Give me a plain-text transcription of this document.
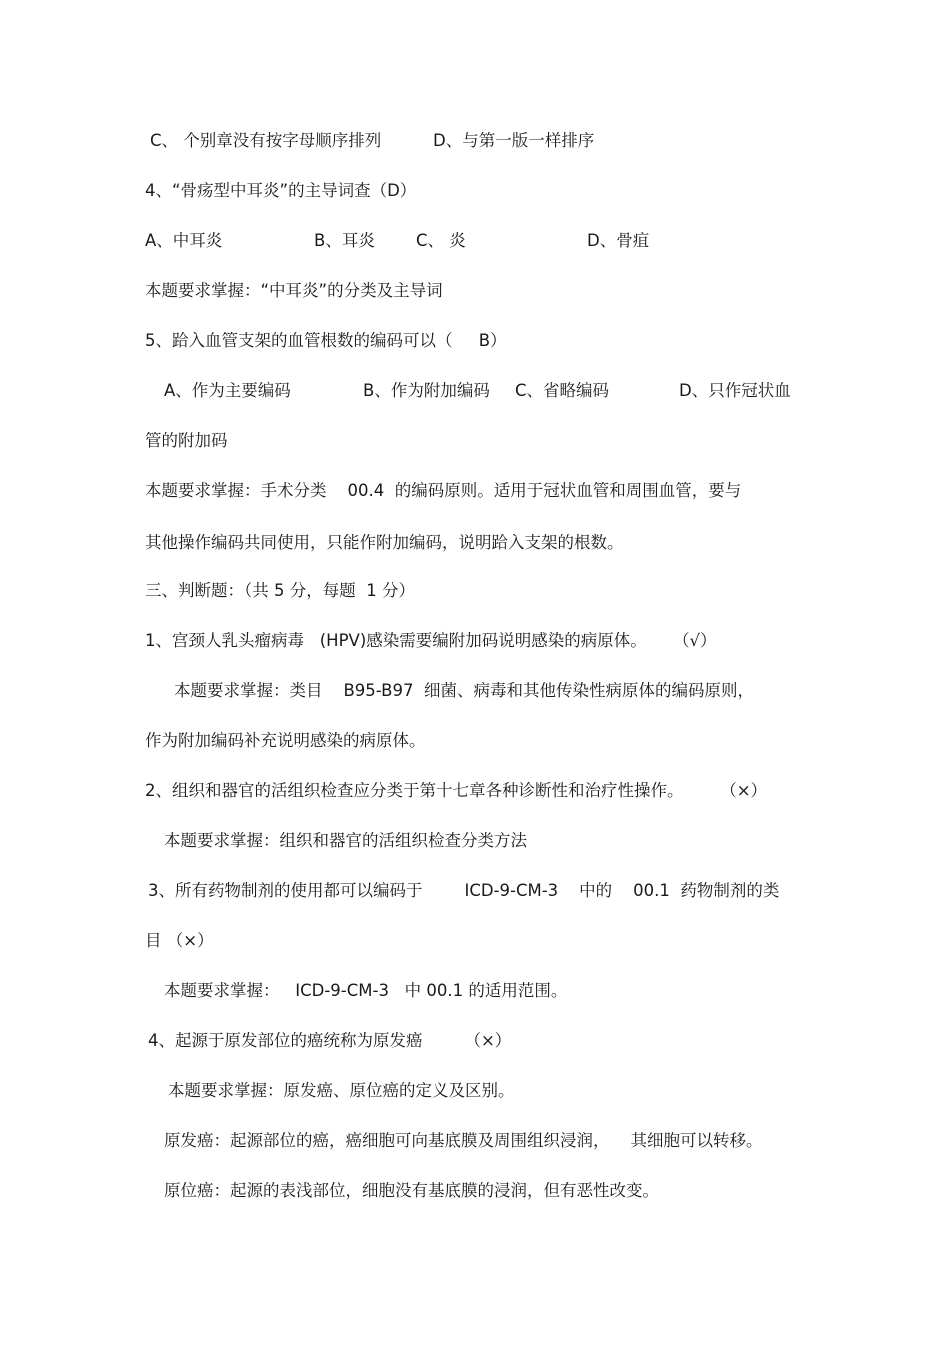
C、 个别章没有按字母顺序排列	D、与第一版一样排序
4、“骨疡型中耳炎”的主导词查（D）
A、中耳炎	B、耳炎 C、 炎	D、骨疽
本题要求掌握：“中耳炎”的分类及主导词
5、跲入血管支架的血管根数的编码可以（     B）
A、作为主要编码	B、作为附加编码 C、省略编码	D、只作冠状血
管的附加码
本题要求掌握：手术分类    00.4  的编码原则。适用于冠状血管和周围血管，要与
其他操作编码共同使用，只能作附加编码，说明跲入支架的根数。
三、判断题：（共 5 分，每题  1 分）
1、宫颈人乳头瘤病毒   (HPV)感染需要编附加码说明感染的病原体。     （√）
本题要求掌握：类目    B95-B97  细菌、病毒和其他传染性病原体的编码原则，
作为附加编码补充说明感染的病原体。
2、组织和器官的活组织检查应分类于第十七章各种诊断性和治疗性操作。       （×）
本题要求掌握：组织和器官的活组织检查分类方法
3、所有药物制剂的使用都可以编码于        ICD-9-CM-3    中的    00.1  药物制剂的类
目 （×）
本题要求掌握：   ICD-9-CM-3   中 00.1 的适用范围。
4、起源于原发部位的癌统称为原发癌        （×）
本题要求掌握：原发癌、原位癌的定义及区别。
原发癌：起源部位的癌，癌细胞可向基底膜及周围组织浸润，    其细胞可以转移。
原位癌：起源的表浅部位，细胞没有基底膜的浸润，但有恶性改变。
